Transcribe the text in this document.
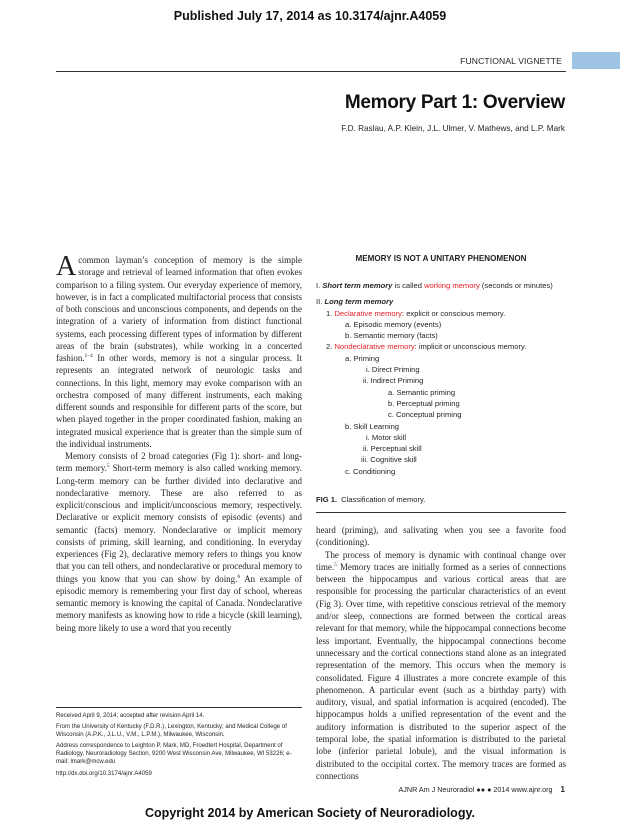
Published July 17, 2014 as 10.3174/ajnr.A4059
FUNCTIONAL VIGNETTE
Memory Part 1: Overview
F.D. Raslau, A.P. Klein, J.L. Ulmer, V. Mathews, and L.P. Mark

A common layman’s conception of memory is the simple storage and retrieval of learned information that often evokes comparison to a filing system. Our everyday experience of memory, however, is in fact a complicated multifactorial process that consists of both conscious and unconscious components, and depends on the integration of a variety of information from distinct functional systems, each processing different types of information by different areas of the brain (substrates), while working in a concerted fashion.$^{1-4}$ In other words, memory is not a singular process. It represents an integrated network of neurologic tasks and connections. In this light, memory may evoke comparison with an orchestra composed of many different instruments, each making different sounds and responsible for different parts of the score, but when played together in the proper coordinated fashion, making an integrated musical experience that is greater than the simple sum of the individual instruments.

Memory consists of 2 broad categories (Fig 1): short- and long-term memory.$^5$ Short-term memory is also called working memory. Long-term memory can be further divided into declarative and nondeclarative memory. These are also referred to as explicit/conscious and implicit/unconscious memory, respectively. Declarative or explicit memory consists of episodic (events) and semantic (facts) memory. Nondeclarative or implicit memory consists of priming, skill learning, and conditioning. In everyday experiences (Fig 2), declarative memory refers to things you know that you can tell others, and nondeclarative or procedural memory to things you know that you can show by doing.$^6$ An example of episodic memory is remembering your first day of school, whereas semantic memory is knowing the capital of Canada. Nondeclarative memory manifests as knowing how to ride a bicycle (skill learning), being more likely to use a word that you recently

Received April 9, 2014; accepted after revision April 14.
From the University of Kentucky (F.D.R.), Lexington, Kentucky; and Medical College of Wisconsin (A.P.K., J.L.U., V.M., L.P.M.), Milwaukee, Wisconsin.
Address correspondence to Leighton P. Mark, MD, Froedtert Hospital, Department of Radiology, Neuroradiology Section, 9200 West Wisconsin Ave, Milwaukee, WI 53226; e-mail: lmark@mcw.edu
http://dx.doi.org/10.3174/ajnr.A4059
MEMORY IS NOT A UNITARY PHENOMENON
I. Short term memory is called working memory (seconds or minutes)
II. Long term memory
1. Declarative memory: explicit or conscious memory.
a. Episodic memory (events)
b. Semantic memory (facts)
2. Nondeclarative memory: implicit or unconscious memory.
a. Priming
i. Direct Priming
ii. Indirect Priming
a. Semantic priming
b. Perceptual priming
c. Conceptual priming
b. Skill Learning
i. Motor skill
ii. Perceptual skill
iii. Cognitive skill
c. Conditioning
FIG 1. Classification of memory.

heard (priming), and salivating when you see a favorite food (conditioning).

The process of memory is dynamic with continual change over time.$^5$ Memory traces are initially formed as a series of connections between the hippocampus and various cortical areas that are responsible for processing the particular characteristics of an event (Fig 3). Over time, with repetitive conscious retrieval of the memory and/or sleep, connections are formed between the cortical areas relevant for that memory, while the hippocampal connections become less important. Eventually, the hippocampal connections become unnecessary and the cortical connections stand alone as an integrated representation of the memory. This occurs when the memory is consolidated. Figure 4 illustrates a more concrete example of this phenomenon. A particular event (such as a birthday party) with auditory, visual, and spatial information is acquired (encoded). The hippocampus holds a unified representation of the event and the auditory information is distributed to the superior aspect of the temporal lobe, the spatial information is distributed to the parietal lobe (inferior parietal lobule), and the visual information is distributed to the occipital cortex. The memory traces are formed as connections

AJNR Am J Neuroradiol ●● ● 2014 www.ajnr.org 1
Copyright 2014 by American Society of Neuroradiology.
